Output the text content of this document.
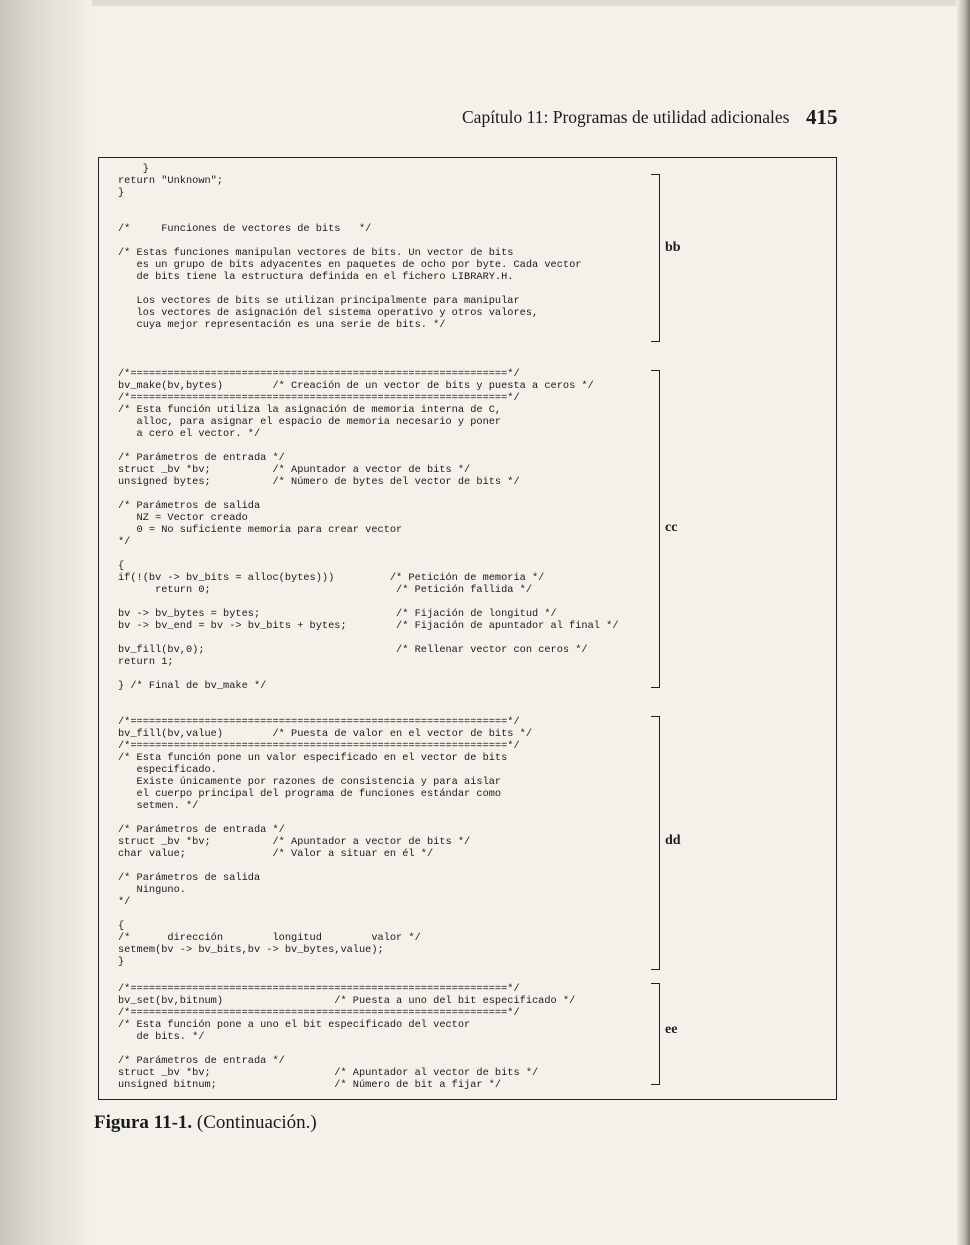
Capítulo 11: Programas de utilidad adicionales 415
}
return "Unknown";
}

/*     Funciones de vectores de bits   */

/* Estas funciones manipulan vectores de bits. Un vector de bits
es un grupo de bits adyacentes en paquetes de ocho por byte. Cada vector
de bits tiene la estructura definida en el fichero LIBRARY.H.

Los vectores de bits se utilizan principalmente para manipular
los vectores de asignación del sistema operativo y otros valores,
cuya mejor representación es una serie de bits. */
bb
/*=============================================================*/
bv_make(bv,bytes)        /* Creación de un vector de bits y puesta a ceros */
/*=============================================================*/
/* Esta función utiliza la asignación de memoria interna de C,
alloc, para asignar el espacio de memoria necesario y poner
a cero el vector. */

/* Parámetros de entrada */
struct _bv *bv;          /* Apuntador a vector de bits */
unsigned bytes;          /* Número de bytes del vector de bits */

/* Parámetros de salida
NZ = Vector creado
0 = No suficiente memoria para crear vector
*/

{
if(!(bv -> bv_bits = alloc(bytes)))         /* Petición de memoria */
return 0;                              /* Petición fallida */

bv -> bv_bytes = bytes;                      /* Fijación de longitud */
bv -> bv_end = bv -> bv_bits + bytes;        /* Fijación de apuntador al final */

bv_fill(bv,0);                               /* Rellenar vector con ceros */
return 1;

} /* Final de bv_make */
cc
/*=============================================================*/
bv_fill(bv,value)        /* Puesta de valor en el vector de bits */
/*=============================================================*/
/* Esta función pone un valor especificado en el vector de bits
especificado.
Existe únicamente por razones de consistencia y para aislar
el cuerpo principal del programa de funciones estándar como
setmen. */

/* Parámetros de entrada */
struct _bv *bv;          /* Apuntador a vector de bits */
char value;              /* Valor a situar en él */

/* Parámetros de salida
Ninguno.
*/

{
/*      dirección        longitud        valor */
setmem(bv -> bv_bits,bv -> bv_bytes,value);
}
dd
/*=============================================================*/
bv_set(bv,bitnum)                  /* Puesta a uno del bit especificado */
/*=============================================================*/
/* Esta función pone a uno el bit especificado del vector
de bits. */

/* Parámetros de entrada */
struct _bv *bv;                    /* Apuntador al vector de bits */
unsigned bitnum;                   /* Número de bit a fijar */
ee
Figura 11-1. (Continuación.)
